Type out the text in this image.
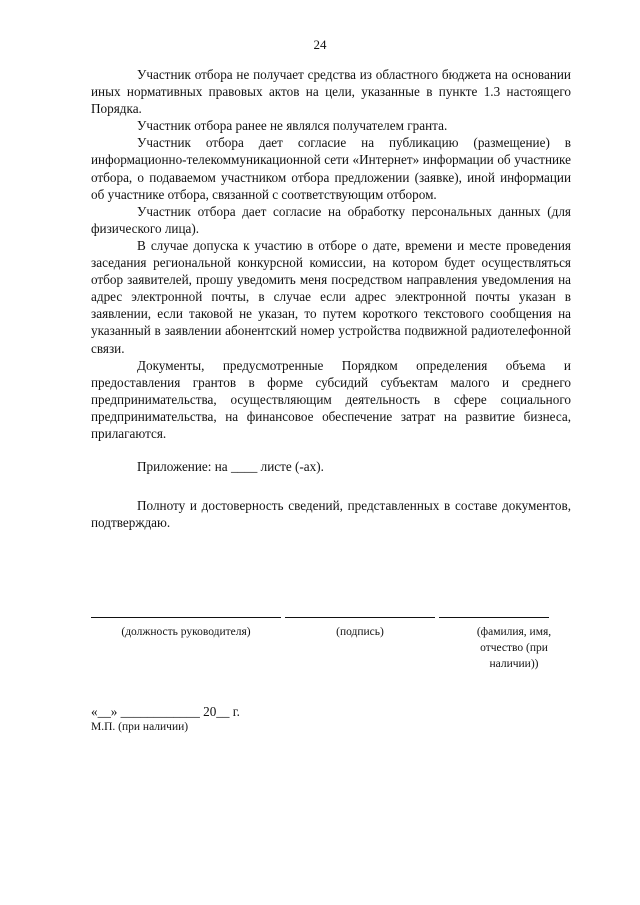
24

Участник отбора не получает средства из областного бюджета на основании иных нормативных правовых актов на цели, указанные в пункте 1.3 настоящего Порядка.

Участник отбора ранее не являлся получателем гранта.

Участник отбора дает согласие на публикацию (размещение) в информационно-телекоммуникационной сети «Интернет» информации об участнике отбора, о подаваемом участником отбора предложении (заявке), иной информации об участнике отбора, связанной с соответствующим отбором.

Участник отбора дает согласие на обработку персональных данных (для физического лица).

В случае допуска к участию в отборе о дате, времени и месте проведения заседания региональной конкурсной комиссии, на котором будет осуществляться отбор заявителей, прошу уведомить меня посредством направления уведомления на адрес электронной почты, в случае если адрес электронной почты указан в заявлении, если таковой не указан, то путем короткого текстового сообщения на указанный в заявлении абонентский номер устройства подвижной радиотелефонной связи.

Документы, предусмотренные Порядком определения объема и предоставления грантов в форме субсидий субъектам малого и среднего предпринимательства, осуществляющим деятельность в сфере социального предпринимательства, на финансовое обеспечение затрат на развитие бизнеса, прилагаются.

Приложение: на ____ листе (-ах).

Полноту и достоверность сведений, представленных в составе документов, подтверждаю.

(должность руководителя)	(подпись)	(фамилия, имя,
отчество (при
наличии))
«__» ____________ 20__ г.
М.П. (при наличии)
